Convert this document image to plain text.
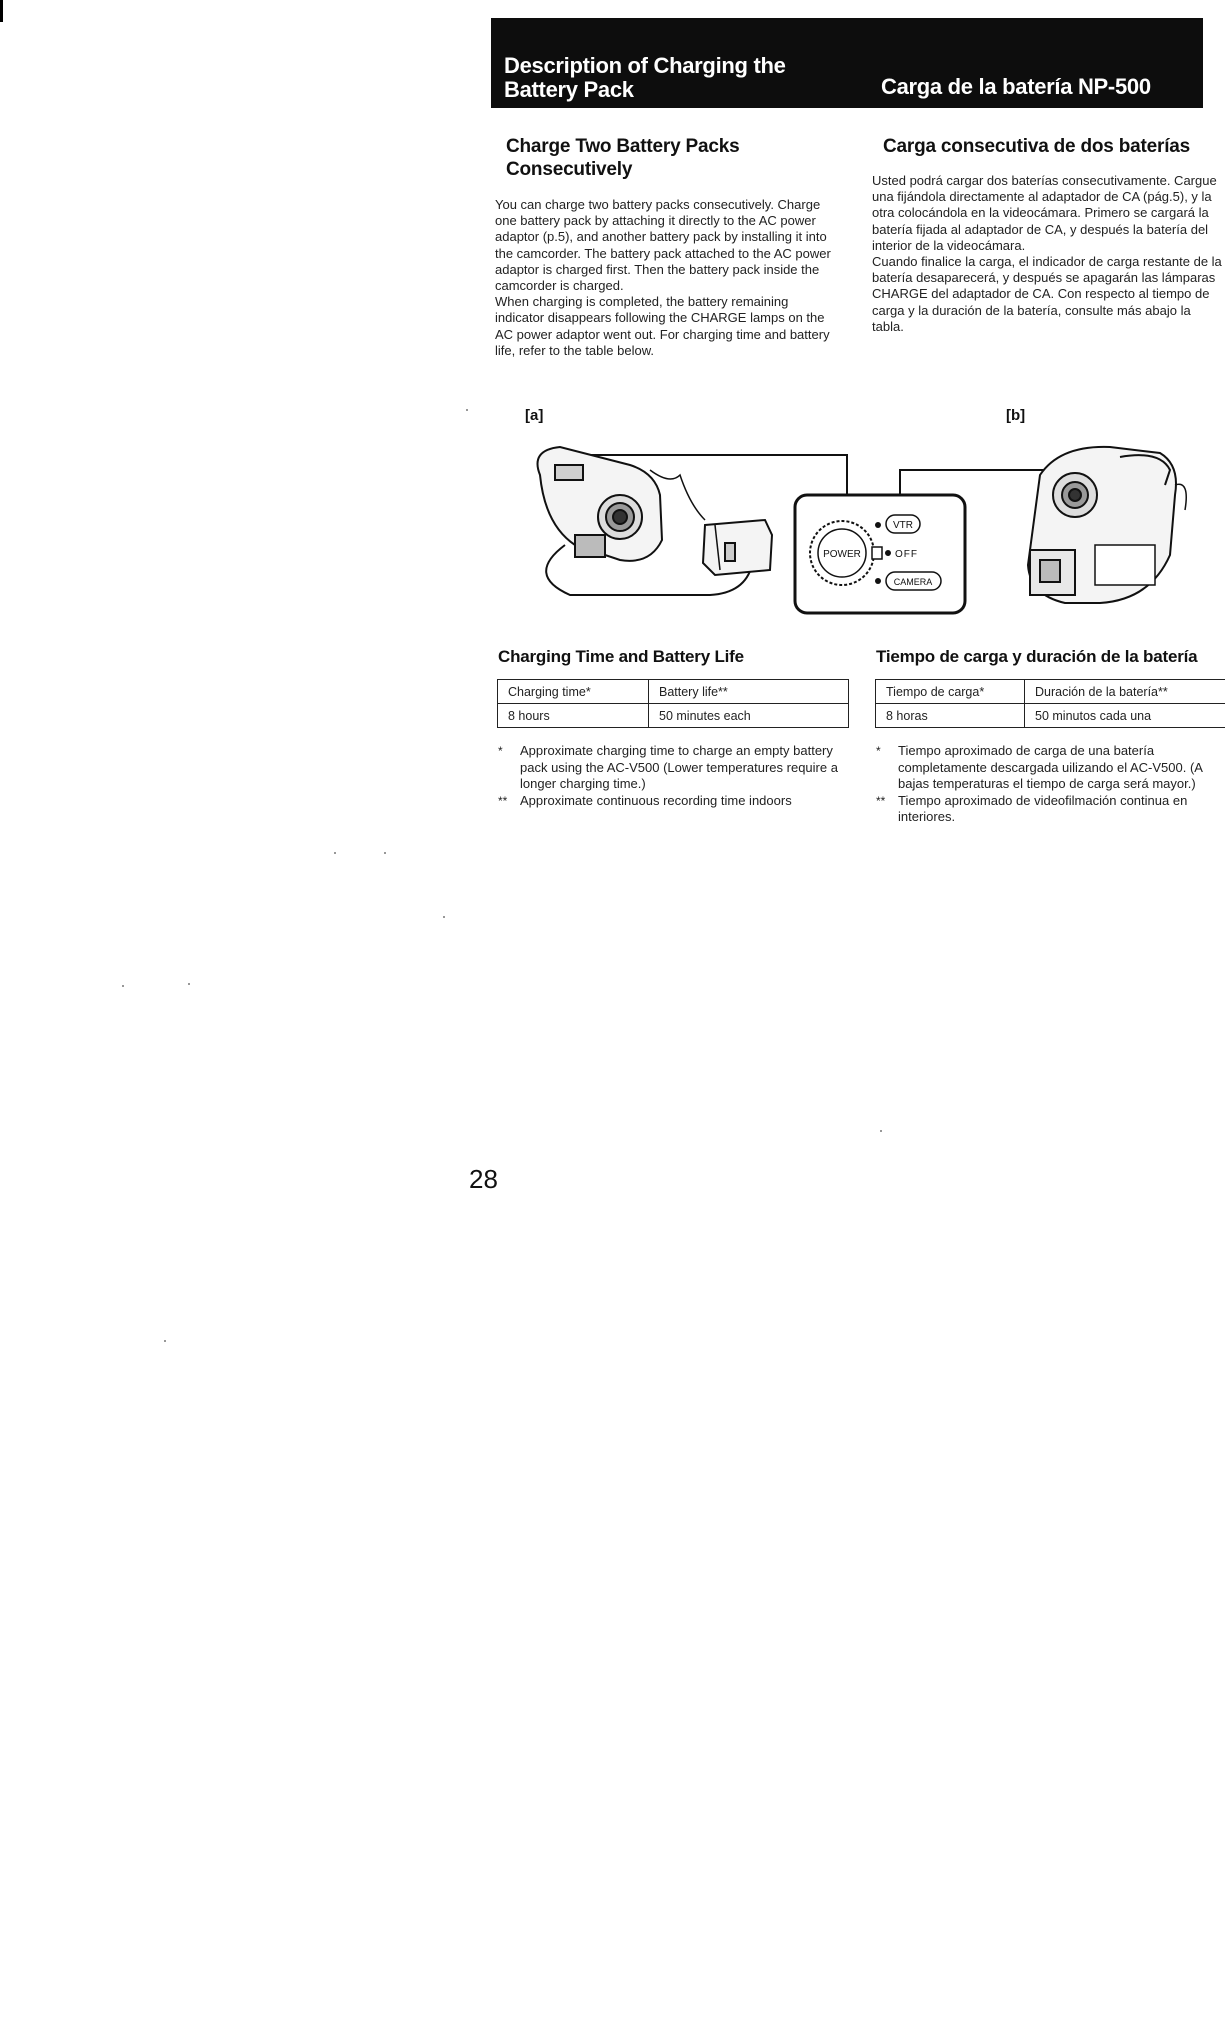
Description of Charging the Battery Pack	Carga de la batería NP-500
Charge Two Battery Packs
Consecutively
Carga consecutiva de dos baterías

You can charge two battery packs consecutively. Charge one battery pack by attaching it directly to the AC power adaptor (p.5), and another battery pack by installing it into the camcorder. The battery pack attached to the AC power adaptor is charged first. Then the battery pack inside the camcorder is charged.

When charging is completed, the battery remaining indicator disappears following the CHARGE lamps on the AC power adaptor went out. For charging time and battery life, refer to the table below.

Usted podrá cargar dos baterías consecutivamente. Cargue una fijándola directamente al adaptador de CA (pág.5), y la otra colocándola en la videocámara. Primero se cargará la batería fijada al adaptador de CA, y después la batería del interior de la videocámara.

Cuando finalice la carga, el indicador de carga restante de la batería desaparecerá, y después se apagarán las lámparas CHARGE del adaptador de CA. Con respecto al tiempo de carga y la duración de la batería, consulte más abajo la tabla.

[a]	[b]
POWER
VTR
OFF
CAMERA
Charging Time and Battery Life
Charging time*	Battery life**
8 hours	50 minutes each
*	Approximate charging time to charge an empty battery pack using the AC-V500 (Lower temperatures require a longer charging time.)
** Approximate continuous recording time indoors
Tiempo de carga y duración de la batería
Tiempo de carga*	Duración de la batería**
8 horas	50 minutos cada una
*	Tiempo aproximado de carga de una batería completamente descargada uilizando el AC-V500. (A bajas temperaturas el tiempo de carga será mayor.)
** Tiempo aproximado de videofilmación continua en interiores.
28
